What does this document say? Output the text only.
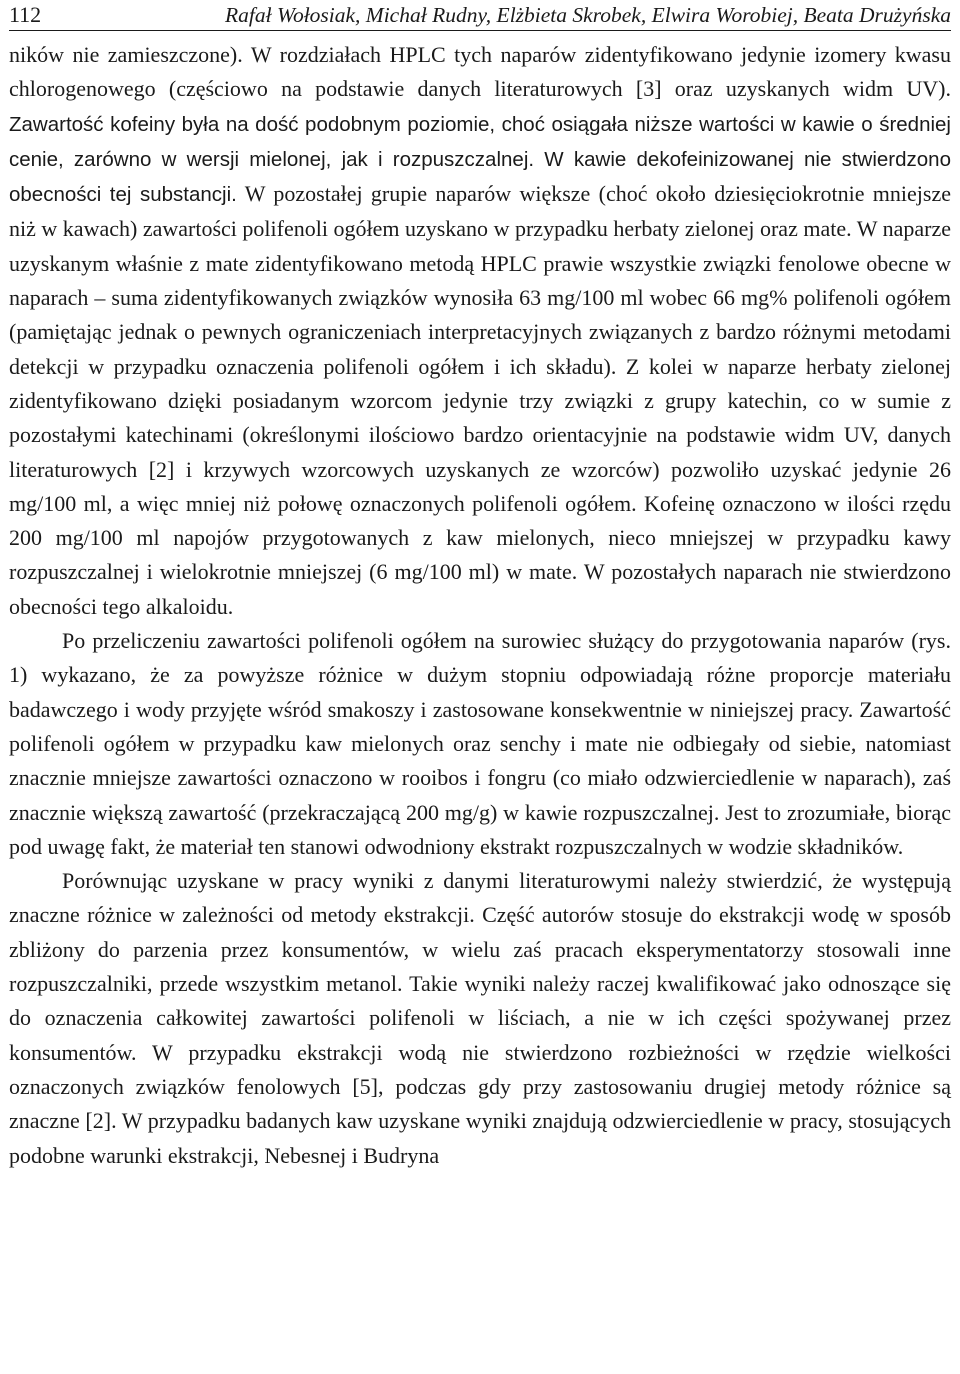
112	Rafał Wołosiak, Michał Rudny, Elżbieta Skrobek, Elwira Worobiej, Beata Drużyńska

ników nie zamieszczone). W rozdziałach HPLC tych naparów zidentyfikowano jedynie izomery kwasu chlorogenowego (częściowo na podstawie danych literaturowych [3] oraz uzyskanych widm UV). Zawartość kofeiny była na dość podobnym poziomie, choć osiągała niższe wartości w kawie o średniej cenie, zarówno w wersji mielonej, jak i rozpuszczalnej. W kawie dekofeinizowanej nie stwierdzono obecności tej substancji. W pozostałej grupie naparów większe (choć około dziesięciokrotnie mniejsze niż w kawach) zawartości polifenoli ogółem uzyskano w przypadku herbaty zielonej oraz mate. W naparze uzyskanym właśnie z mate zidentyfikowano metodą HPLC prawie wszystkie związki fenolowe obecne w naparach – suma zidentyfikowanych związków wynosiła 63 mg/100 ml wobec 66 mg% polifenoli ogółem (pamiętając jednak o pewnych ograniczeniach interpretacyjnych związanych z bardzo różnymi metodami detekcji w przypadku oznaczenia polifenoli ogółem i ich składu). Z kolei w naparze herbaty zielonej zidentyfikowano dzięki posiadanym wzorcom jedynie trzy związki z grupy katechin, co w sumie z pozostałymi katechinami (określonymi ilościowo bardzo orientacyjnie na podstawie widm UV, danych literaturowych [2] i krzywych wzorcowych uzyskanych ze wzorców) pozwoliło uzyskać jedynie 26 mg/100 ml, a więc mniej niż połowę oznaczonych polifenoli ogółem. Kofeinę oznaczono w ilości rzędu 200 mg/100 ml napojów przygotowanych z kaw mielonych, nieco mniejszej w przypadku kawy rozpuszczalnej i wielokrotnie mniejszej (6 mg/100 ml) w mate. W pozostałych naparach nie stwierdzono obecności tego alkaloidu.

Po przeliczeniu zawartości polifenoli ogółem na surowiec służący do przygotowania naparów (rys. 1) wykazano, że za powyższe różnice w dużym stopniu odpowiadają różne proporcje materiału badawczego i wody przyjęte wśród smakoszy i zastosowane konsekwentnie w niniejszej pracy. Zawartość polifenoli ogółem w przypadku kaw mielonych oraz senchy i mate nie odbiegały od siebie, natomiast znacznie mniejsze zawartości oznaczono w rooibos i fongru (co miało odzwierciedlenie w naparach), zaś znacznie większą zawartość (przekraczającą 200 mg/g) w kawie rozpuszczalnej. Jest to zrozumiałe, biorąc pod uwagę fakt, że materiał ten stanowi odwodniony ekstrakt rozpuszczalnych w wodzie składników.

Porównując uzyskane w pracy wyniki z danymi literaturowymi należy stwierdzić, że występują znaczne różnice w zależności od metody ekstrakcji. Część autorów stosuje do ekstrakcji wodę w sposób zbliżony do parzenia przez konsumentów, w wielu zaś pracach eksperymentatorzy stosowali inne rozpuszczalniki, przede wszystkim metanol. Takie wyniki należy raczej kwalifikować jako odnoszące się do oznaczenia całkowitej zawartości polifenoli w liściach, a nie w ich części spożywanej przez konsumentów. W przypadku ekstrakcji wodą nie stwierdzono rozbieżności w rzędzie wielkości oznaczonych związków fenolowych [5], podczas gdy przy zastosowaniu drugiej metody różnice są znaczne [2]. W przypadku badanych kaw uzyskane wyniki znajdują odzwierciedlenie w pracy, stosujących podobne warunki ekstrakcji, Nebesnej i Budryna
